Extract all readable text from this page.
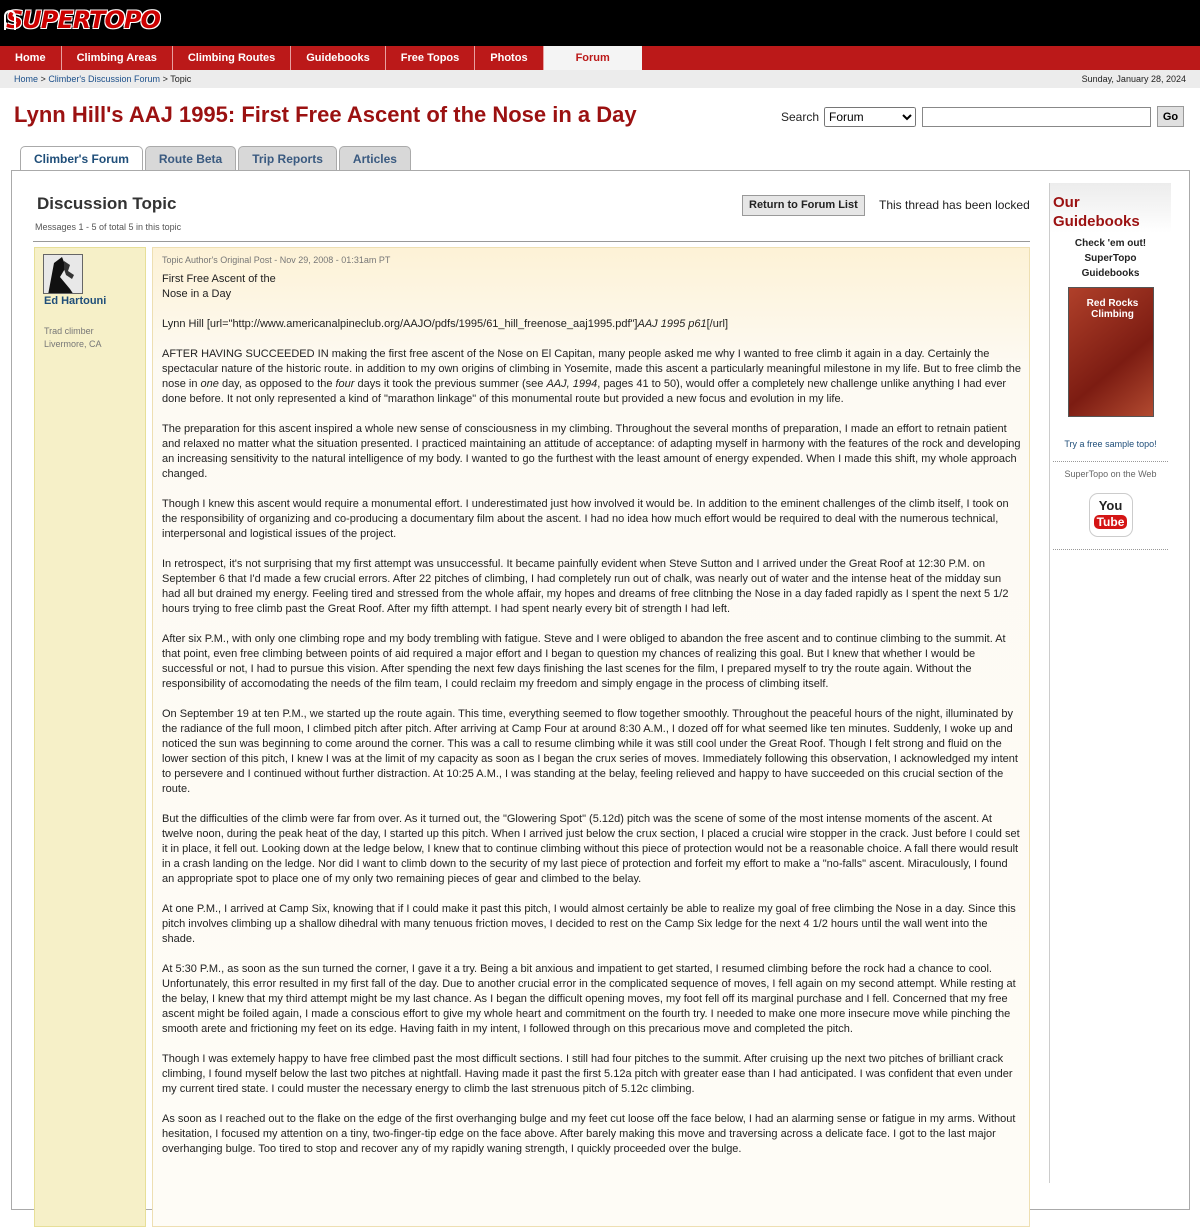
SUPERTOPO
Home	Climbing Areas	Climbing Routes	Guidebooks	Free Topos	Photos	Forum
Home > Climber's Discussion Forum > Topic	Sunday, January 28, 2024
Lynn Hill's AAJ 1995: First Free Ascent of the Nose in a Day	Search
Forum	Go
Climber's Forum	Route Beta	Trip Reports	Articles
Discussion Topic
Messages 1 - 5 of total 5 in this topic
Return to Forum List	This thread has been locked
Ed Hartouni
Trad climber
Livermore, CA
Topic Author's Original Post - Nov 29, 2008 - 01:31am PT

First Free Ascent of the
Nose in a Day

Lynn Hill [url="http://www.americanalpineclub.org/AAJO/pdfs/1995/61_hill_freenose_aaj1995.pdf"]AAJ 1995 p61[/url]

AFTER HAVING SUCCEEDED IN making the first free ascent of the Nose on El Capitan, many people asked me why I wanted to free climb it again in a day. Certainly the spectacular nature of the historic route. in addition to my own origins of climbing in Yosemite, made this ascent a particularly meaningful milestone in my life. But to free climb the nose in one day, as opposed to the four days it took the previous summer (see AAJ, 1994, pages 41 to 50), would offer a completely new challenge unlike anything I had ever done before. It not only represented a kind of "marathon linkage" of this monumental route but provided a new focus and evolution in my life.

The preparation for this ascent inspired a whole new sense of consciousness in my climbing. Throughout the several months of preparation, I made an effort to retnain patient and relaxed no matter what the situation presented. I practiced maintaining an attitude of acceptance: of adapting myself in harmony with the features of the rock and developing an increasing sensitivity to the natural intelligence of my body. I wanted to go the furthest with the least amount of energy expended. When I made this shift, my whole approach changed.

Though I knew this ascent would require a monumental effort. I underestimated just how involved it would be. In addition to the eminent challenges of the climb itself, I took on the responsibility of organizing and co-producing a documentary film about the ascent. I had no idea how much effort would be required to deal with the numerous technical, interpersonal and logistical issues of the project.

In retrospect, it's not surprising that my first attempt was unsuccessful. It became painfully evident when Steve Sutton and I arrived under the Great Roof at 12:30 P.M. on September 6 that I'd made a few crucial errors. After 22 pitches of climbing, I had completely run out of chalk, was nearly out of water and the intense heat of the midday sun had all but drained my energy. Feeling tired and stressed from the whole affair, my hopes and dreams of free clitnbing the Nose in a day faded rapidly as I spent the next 5 1/2 hours trying to free climb past the Great Roof. After my fifth attempt. I had spent nearly every bit of strength I had left.

After six P.M., with only one climbing rope and my body trembling with fatigue. Steve and I were obliged to abandon the free ascent and to continue climbing to the summit. At that point, even free climbing between points of aid required a major effort and I began to question my chances of realizing this goal. But I knew that whether I would be successful or not, I had to pursue this vision. After spending the next few days finishing the last scenes for the film, I prepared myself to try the route again. Without the responsibility of accomodating the needs of the film team, I could reclaim my freedom and simply engage in the process of climbing itself.

On September 19 at ten P.M., we started up the route again. This time, everything seemed to flow together smoothly. Throughout the peaceful hours of the night, illuminated by the radiance of the full moon, I climbed pitch after pitch. After arriving at Camp Four at around 8:30 A.M., I dozed off for what seemed like ten minutes. Suddenly, I woke up and noticed the sun was beginning to come around the corner. This was a call to resume climbing while it was still cool under the Great Roof. Though I felt strong and fluid on the lower section of this pitch, I knew I was at the limit of my capacity as soon as I began the crux series of moves. Immediately following this observation, I acknowledged my intent to persevere and I continued without further distraction. At 10:25 A.M., I was standing at the belay, feeling relieved and happy to have succeeded on this crucial section of the route.

But the difficulties of the climb were far from over. As it turned out, the "Glowering Spot" (5.12d) pitch was the scene of some of the most intense moments of the ascent. At twelve noon, during the peak heat of the day, I started up this pitch. When I arrived just below the crux section, I placed a crucial wire stopper in the crack. Just before I could set it in place, it fell out. Looking down at the ledge below, I knew that to continue climbing without this piece of protection would not be a reasonable choice. A fall there would result in a crash landing on the ledge. Nor did I want to climb down to the security of my last piece of protection and forfeit my effort to make a "no-falls" ascent. Miraculously, I found an appropriate spot to place one of my only two remaining pieces of gear and climbed to the belay.

At one P.M., I arrived at Camp Six, knowing that if I could make it past this pitch, I would almost certainly be able to realize my goal of free climbing the Nose in a day. Since this pitch involves climbing up a shallow dihedral with many tenuous friction moves, I decided to rest on the Camp Six ledge for the next 4 1/2 hours until the wall went into the shade.

At 5:30 P.M., as soon as the sun turned the corner, I gave it a try. Being a bit anxious and impatient to get started, I resumed climbing before the rock had a chance to cool. Unfortunately, this error resulted in my first fall of the day. Due to another crucial error in the complicated sequence of moves, I fell again on my second attempt. While resting at the belay, I knew that my third attempt might be my last chance. As I began the difficult opening moves, my foot fell off its marginal purchase and I fell. Concerned that my free ascent might be foiled again, I made a conscious effort to give my whole heart and commitment on the fourth try. I needed to make one more insecure move while pinching the smooth arete and frictioning my feet on its edge. Having faith in my intent, I followed through on this precarious move and completed the pitch.

Though I was extemely happy to have free climbed past the most difficult sections. I still had four pitches to the summit. After cruising up the next two pitches of brilliant crack climbing, I found myself below the last two pitches at nightfall. Having made it past the first 5.12a pitch with greater ease than I had anticipated. I was confident that even under my current tired state. I could muster the necessary energy to climb the last strenuous pitch of 5.12c climbing.

As soon as I reached out to the flake on the edge of the first overhanging bulge and my feet cut loose off the face below, I had an alarming sense or fatigue in my arms. Without hesitation, I focused my attention on a tiny, two-finger-tip edge on the face above. After barely making this move and traversing across a delicate face. I got to the last major overhanging bulge. Too tired to stop and recover any of my rapidly waning strength, I quickly proceeded over the bulge.

Our
Guidebooks
Check 'em out!
SuperTopo
Guidebooks
Red Rocks
Climbing
Try a free sample topo!
SuperTopo on the Web
You
Tube
